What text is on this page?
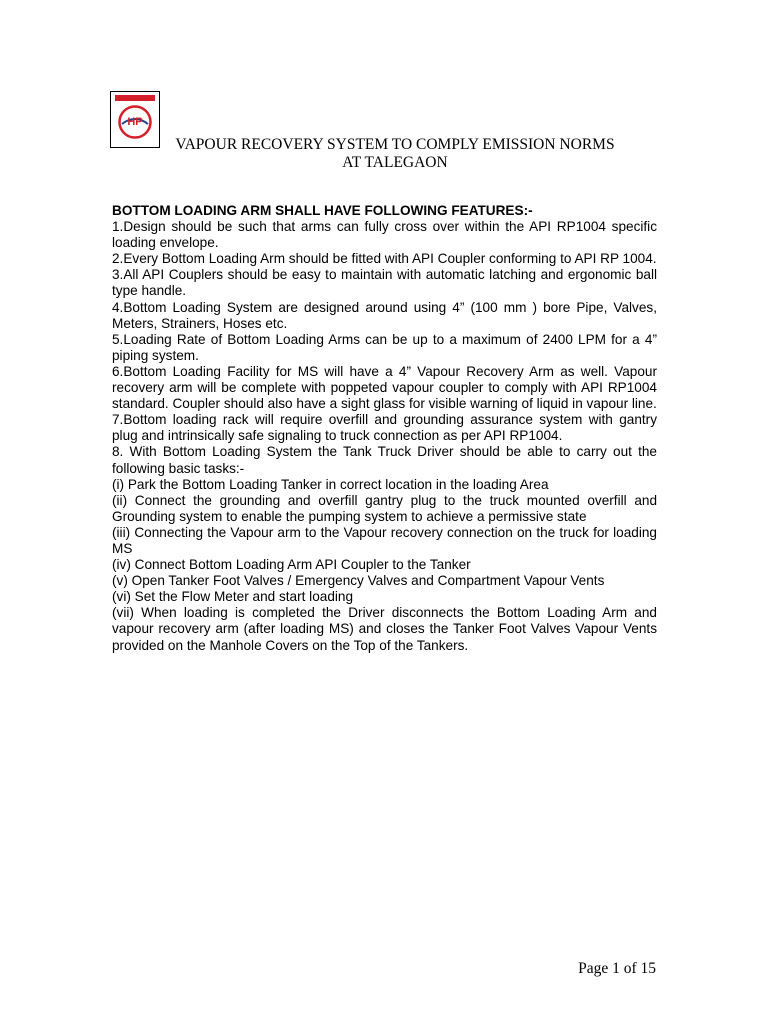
HP
VAPOUR RECOVERY SYSTEM TO COMPLY EMISSION NORMS
AT TALEGAON

BOTTOM LOADING ARM SHALL HAVE FOLLOWING FEATURES:-

1.Design should be such that arms can fully cross over within the API RP1004 specific loading envelope.

2.Every Bottom Loading Arm should be fitted with API Coupler conforming to API RP 1004.

3.All API Couplers should be easy to maintain with automatic latching and ergonomic ball type handle.

4.Bottom Loading System are designed around using 4” (100 mm ) bore Pipe, Valves, Meters, Strainers, Hoses etc.

5.Loading Rate of Bottom Loading Arms can be up to a maximum of 2400 LPM for a 4” piping system.

6.Bottom Loading Facility for MS will have a 4” Vapour Recovery Arm as well. Vapour recovery arm will be complete with poppeted vapour coupler to comply with API RP1004 standard. Coupler should also have a sight glass for visible warning of liquid in vapour line.

7.Bottom loading rack will require overfill and grounding assurance system with gantry plug and intrinsically safe signaling to truck connection as per API RP1004.

8. With Bottom Loading System the Tank Truck Driver should be able to carry out the following basic tasks:-

(i) Park the Bottom Loading Tanker in correct location in the loading Area

(ii) Connect the grounding and overfill gantry plug to the truck mounted overfill and Grounding system to enable the pumping system to achieve a permissive state

(iii) Connecting the Vapour arm to the Vapour recovery connection on the truck for loading MS

(iv) Connect Bottom Loading Arm API Coupler to the Tanker

(v) Open Tanker Foot Valves / Emergency Valves and Compartment Vapour Vents

(vi) Set the Flow Meter and start loading

(vii) When loading is completed the Driver disconnects the Bottom Loading Arm and vapour recovery arm (after loading MS) and closes the Tanker Foot Valves Vapour Vents provided on the Manhole Covers on the Top of the Tankers.

Page 1 of 15
